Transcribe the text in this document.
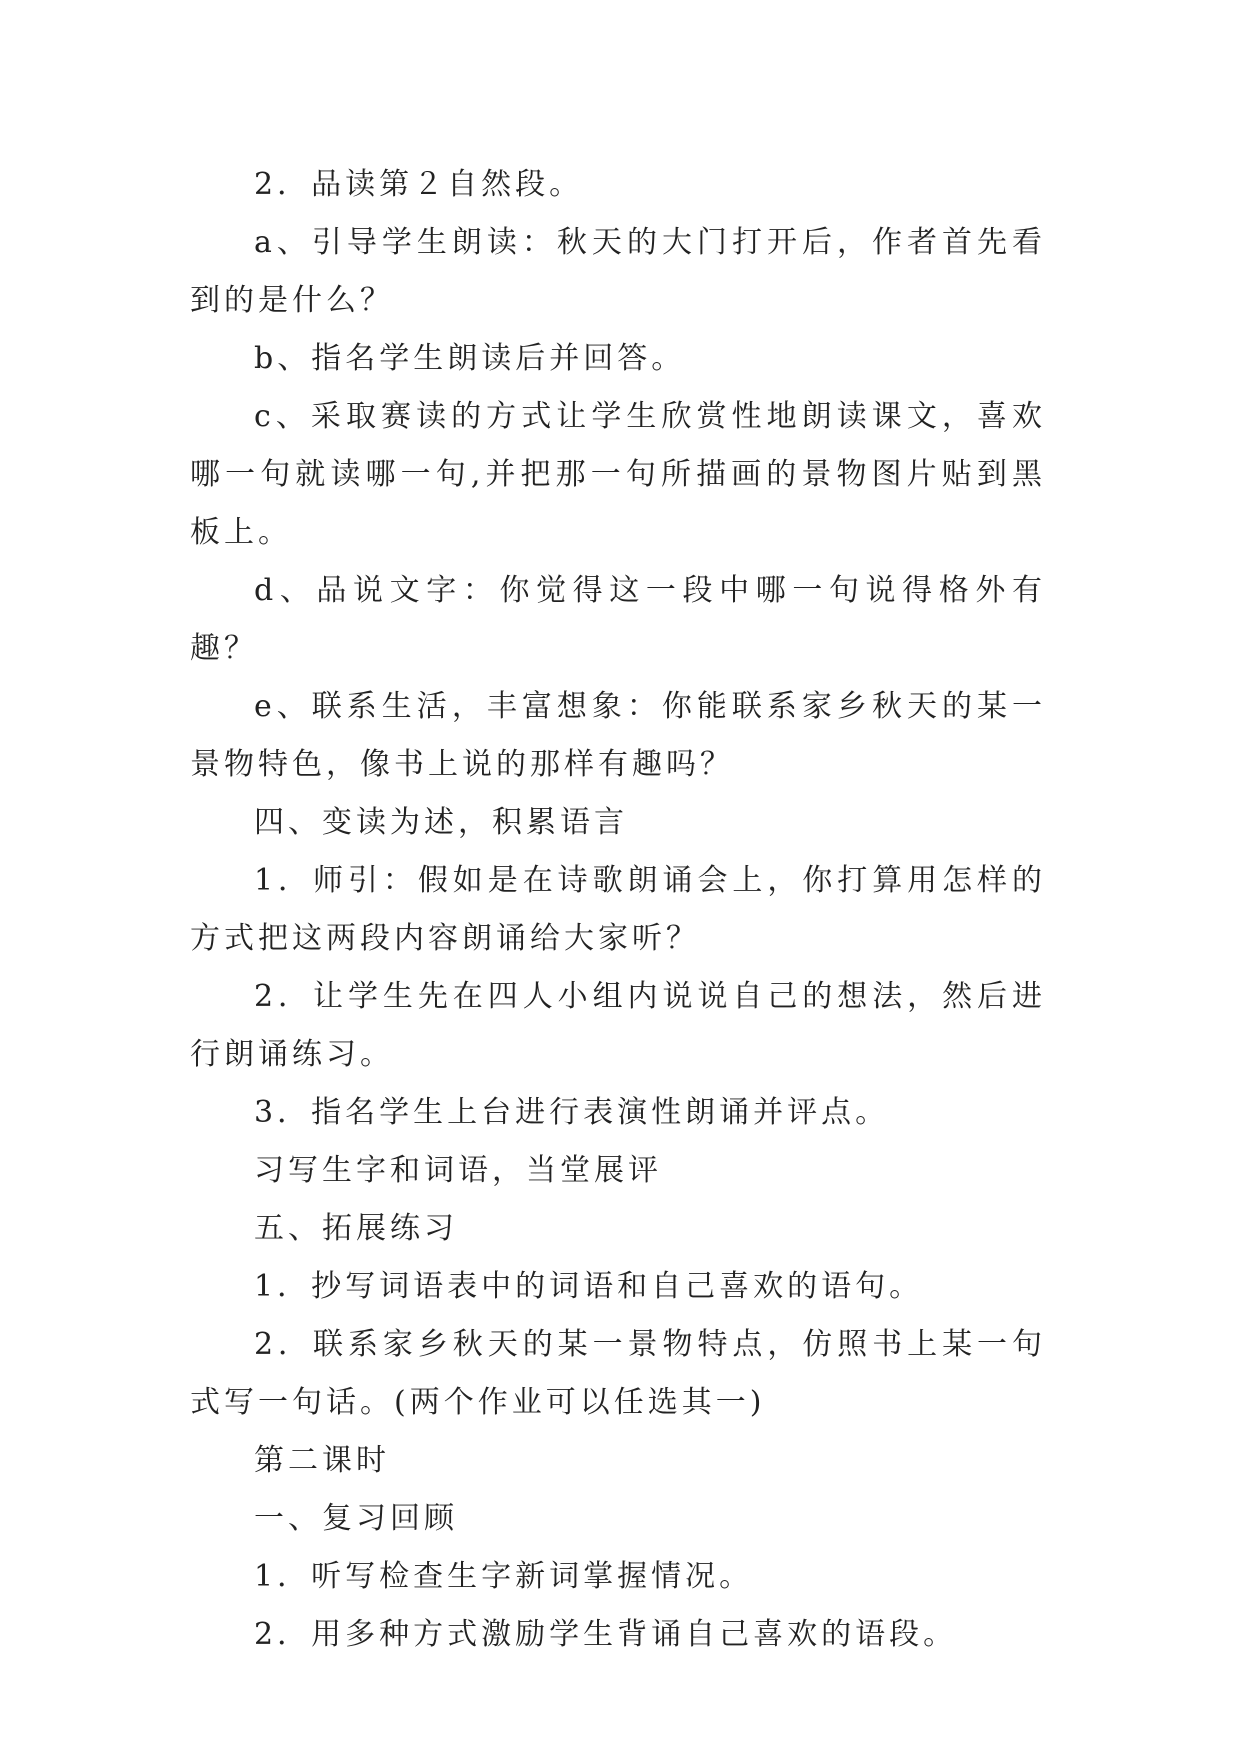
2．品读第２自然段。

a、引导学生朗读：秋天的大门打开后，作者首先看到的是什么？

b、指名学生朗读后并回答。

c、采取赛读的方式让学生欣赏性地朗读课文，喜欢哪一句就读哪一句,并把那一句所描画的景物图片贴到黑板上。

d、品说文字：你觉得这一段中哪一句说得格外有趣？

e、联系生活，丰富想象：你能联系家乡秋天的某一景物特色，像书上说的那样有趣吗？

四、变读为述，积累语言

1．师引：假如是在诗歌朗诵会上，你打算用怎样的方式把这两段内容朗诵给大家听？

2．让学生先在四人小组内说说自己的想法，然后进行朗诵练习。

3．指名学生上台进行表演性朗诵并评点。

习写生字和词语，当堂展评

五、拓展练习

1．抄写词语表中的词语和自己喜欢的语句。

2．联系家乡秋天的某一景物特点，仿照书上某一句式写一句话。(两个作业可以任选其一)

第二课时

一、复习回顾

1．听写检查生字新词掌握情况。

2．用多种方式激励学生背诵自己喜欢的语段。
